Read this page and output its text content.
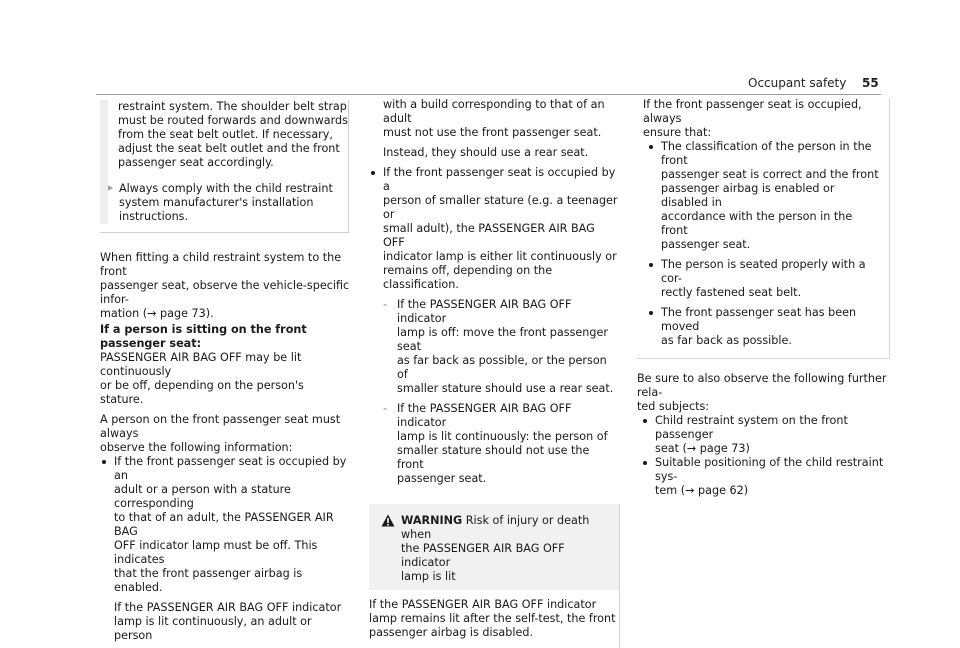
Occupant safety 55

restraint system. The shoulder belt strap
must be routed forwards and downwards
from the seat belt outlet. If necessary,
adjust the seat belt outlet and the front
passenger seat accordingly.

Always comply with the child restraint
system manufacturer's installation
instructions.

When fitting a child restraint system to the front
passenger seat, observe the vehicle-specific infor-
mation (→ page 73).

If a person is sitting on the front passenger seat:

PASSENGER AIR BAG OFF may be lit continuously
or be off, depending on the person's stature.

A person on the front passenger seat must always
observe the following information:

If the front passenger seat is occupied by an
adult or a person with a stature corresponding
to that of an adult, the PASSENGER AIR BAG
OFF indicator lamp must be off. This indicates
that the front passenger airbag is enabled.
If the PASSENGER AIR BAG OFF indicator
lamp is lit continuously, an adult or person

with a build corresponding to that of an adult
must not use the front passenger seat.

Instead, they should use a rear seat.

If the front passenger seat is occupied by a
person of smaller stature (e.g. a teenager or
small adult), the PASSENGER AIR BAG OFF
indicator lamp is either lit continuously or
remains off, depending on the classification.
- If the PASSENGER AIR BAG OFF indicator
lamp is off: move the front passenger seat
as far back as possible, or the person of
smaller stature should use a rear seat.
- If the PASSENGER AIR BAG OFF indicator
lamp is lit continuously: the person of
smaller stature should not use the front
passenger seat.

WARNING Risk of injury or death when
the PASSENGER AIR BAG OFF indicator
lamp is lit

If the PASSENGER AIR BAG OFF indicator
lamp remains lit after the self-test, the front
passenger airbag is disabled.

If the front passenger seat is occupied, always
ensure that:

The classification of the person in the front
passenger seat is correct and the front
passenger airbag is enabled or disabled in
accordance with the person in the front
passenger seat.
The person is seated properly with a cor-
rectly fastened seat belt.
The front passenger seat has been moved
as far back as possible.

Be sure to also observe the following further rela-
ted subjects:

Child restraint system on the front passenger
seat (→ page 73)
Suitable positioning of the child restraint sys-
tem (→ page 62)
